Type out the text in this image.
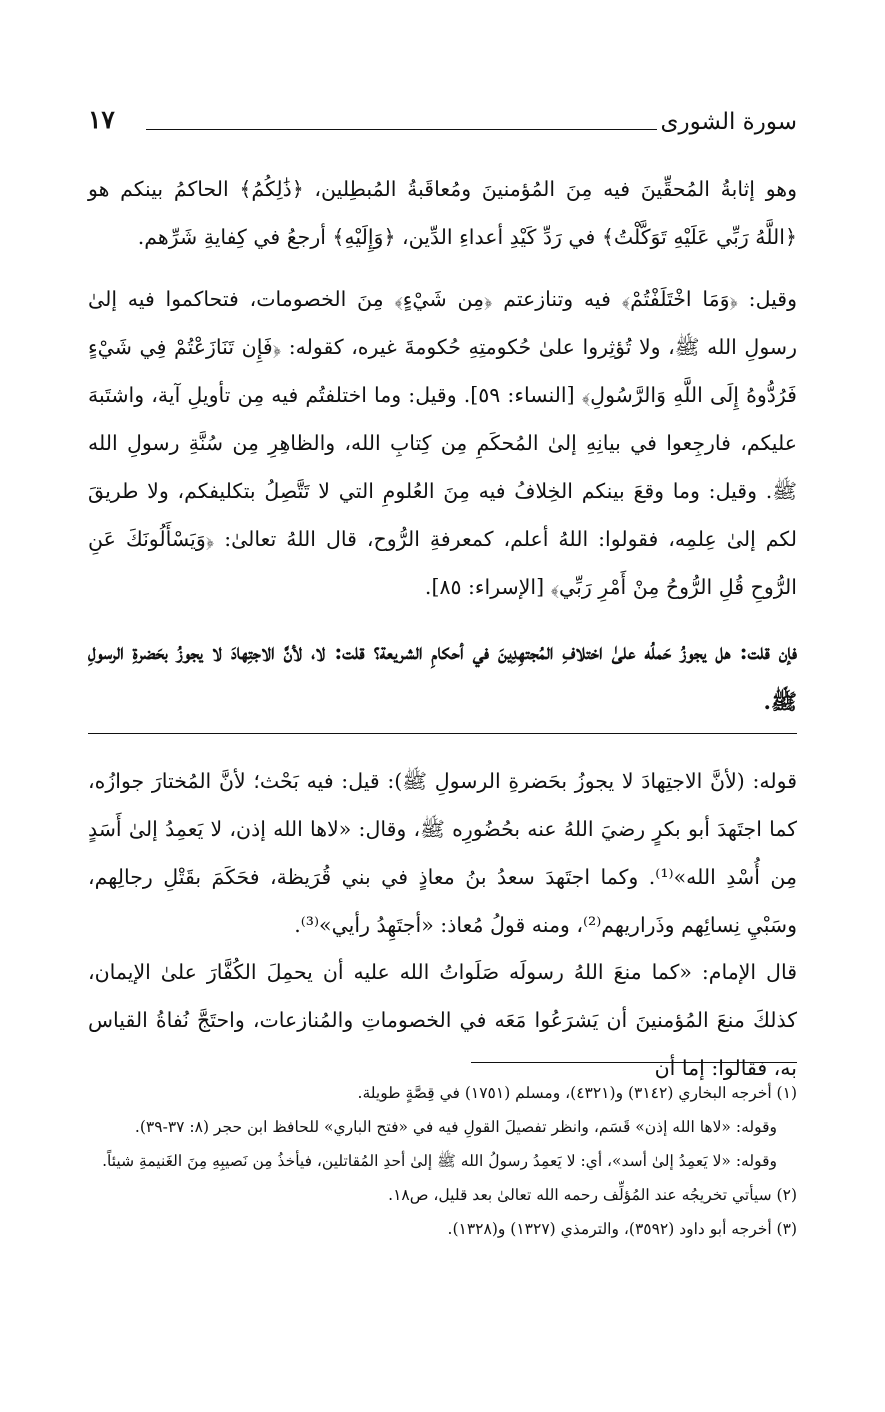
سورة الشورى
١٧

وهو إثابةُ المُحقِّينَ فيه مِنَ المُؤمنينَ ومُعاقَبةُ المُبطِلين، ﴿ذَٰلِكُمُ﴾ الحاكمُ بينكم هو ﴿اللَّهُ رَبِّي عَلَيْهِ تَوَكَّلْتُ﴾ في رَدِّ كَيْدِ أعداءِ الدِّين، ﴿وَإِلَيْهِ﴾ أرجعُ في كِفايةِ شَرِّهم.

وقيل: ﴿وَمَا اخْتَلَفْتُمْ﴾ فيه وتنازعتم ﴿مِن شَيْءٍ﴾ مِنَ الخصومات، فتحاكموا فيه إلىٰ رسولِ الله ﷺ، ولا تُؤثِروا علىٰ حُكومتِهِ حُكومةَ غيره، كقوله: ﴿فَإِن تَنَازَعْتُمْ فِي شَيْءٍ فَرُدُّوهُ إِلَى اللَّهِ وَالرَّسُولِ﴾ [النساء: ٥٩]. وقيل: وما اختلفتُم فيه مِن تأويلِ آية، واشتَبهَ عليكم، فارجِعوا في بيانِهِ إلىٰ المُحكَمِ مِن كِتابِ الله، والظاهِرِ مِن سُنَّةِ رسولِ الله ﷺ. وقيل: وما وقعَ بينكم الخِلافُ فيه مِنَ العُلومِ التي لا تَتَّصِلُ بتكليفكم، ولا طريقَ لكم إلىٰ عِلمِه، فقولوا: اللهُ أعلم، كمعرفةِ الرُّوح، قال اللهُ تعالىٰ: ﴿وَيَسْأَلُونَكَ عَنِ الرُّوحِ قُلِ الرُّوحُ مِنْ أَمْرِ رَبِّي﴾ [الإسراء: ٨٥].

فإن قلت: هل يجوزُ حَملُه علىٰ اختلافِ المُجتهِدِينَ في أحكامِ الشريعة؟ قلت: لا، لأنَّ الاجتِهادَ لا يجوزُ بحَضرةِ الرسولِ ﷺ.

قوله: (لأنَّ الاجتِهادَ لا يجوزُ بحَضرةِ الرسولِ ﷺ): قيل: فيه بَحْث؛ لأنَّ المُختارَ جوازُه، كما اجتَهدَ أبو بكرٍ رضيَ اللهُ عنه بحُضُورِه ﷺ، وقال: «لاها الله إذن، لا يَعمِدُ إلىٰ أَسَدٍ مِن أُسْدِ الله»⁽¹⁾. وكما اجتَهدَ سعدُ بنُ معاذٍ في بني قُرَيظة، فحَكَمَ بقَتْلِ رجالِهم، وسَبْيِ نِسائِهم وذَراريهم⁽²⁾، ومنه قولُ مُعاذ: «أجتَهِدُ رأيي»⁽³⁾.

قال الإمام: «كما منعَ اللهُ رسولَه صَلَواتُ الله عليه أن يحمِلَ الكُفَّارَ علىٰ الإيمان، كذلكَ منعَ المُؤمنينَ أن يَشرَعُوا مَعَه في الخصوماتِ والمُنازعات، واحتَجَّ نُفاةُ القياس به، فقالوا: إما أن

(١) أخرجه البخاري (٣١٤٢) و(٤٣٢١)، ومسلم (١٧٥١) في قِصَّةٍ طويلة.

وقوله: «لاها الله إذن» قَسَم، وانظر تفصيلَ القولِ فيه في «فتح الباري» للحافظ ابن حجر (٨: ٣٧-٣٩).

وقوله: «لا يَعمِدُ إلىٰ أسد»، أي: لا يَعمِدُ رسولُ الله ﷺ إلىٰ أحدِ المُقاتلين، فيأخذُ مِن نَصيبِهِ مِنَ الغَنيمةِ شيئاً.

(٢) سيأتي تخريجُه عند المُؤلِّف رحمه الله تعالىٰ بعد قليل، ص١٨.

(٣) أخرجه أبو داود (٣٥٩٢)، والترمذي (١٣٢٧) و(١٣٢٨).
